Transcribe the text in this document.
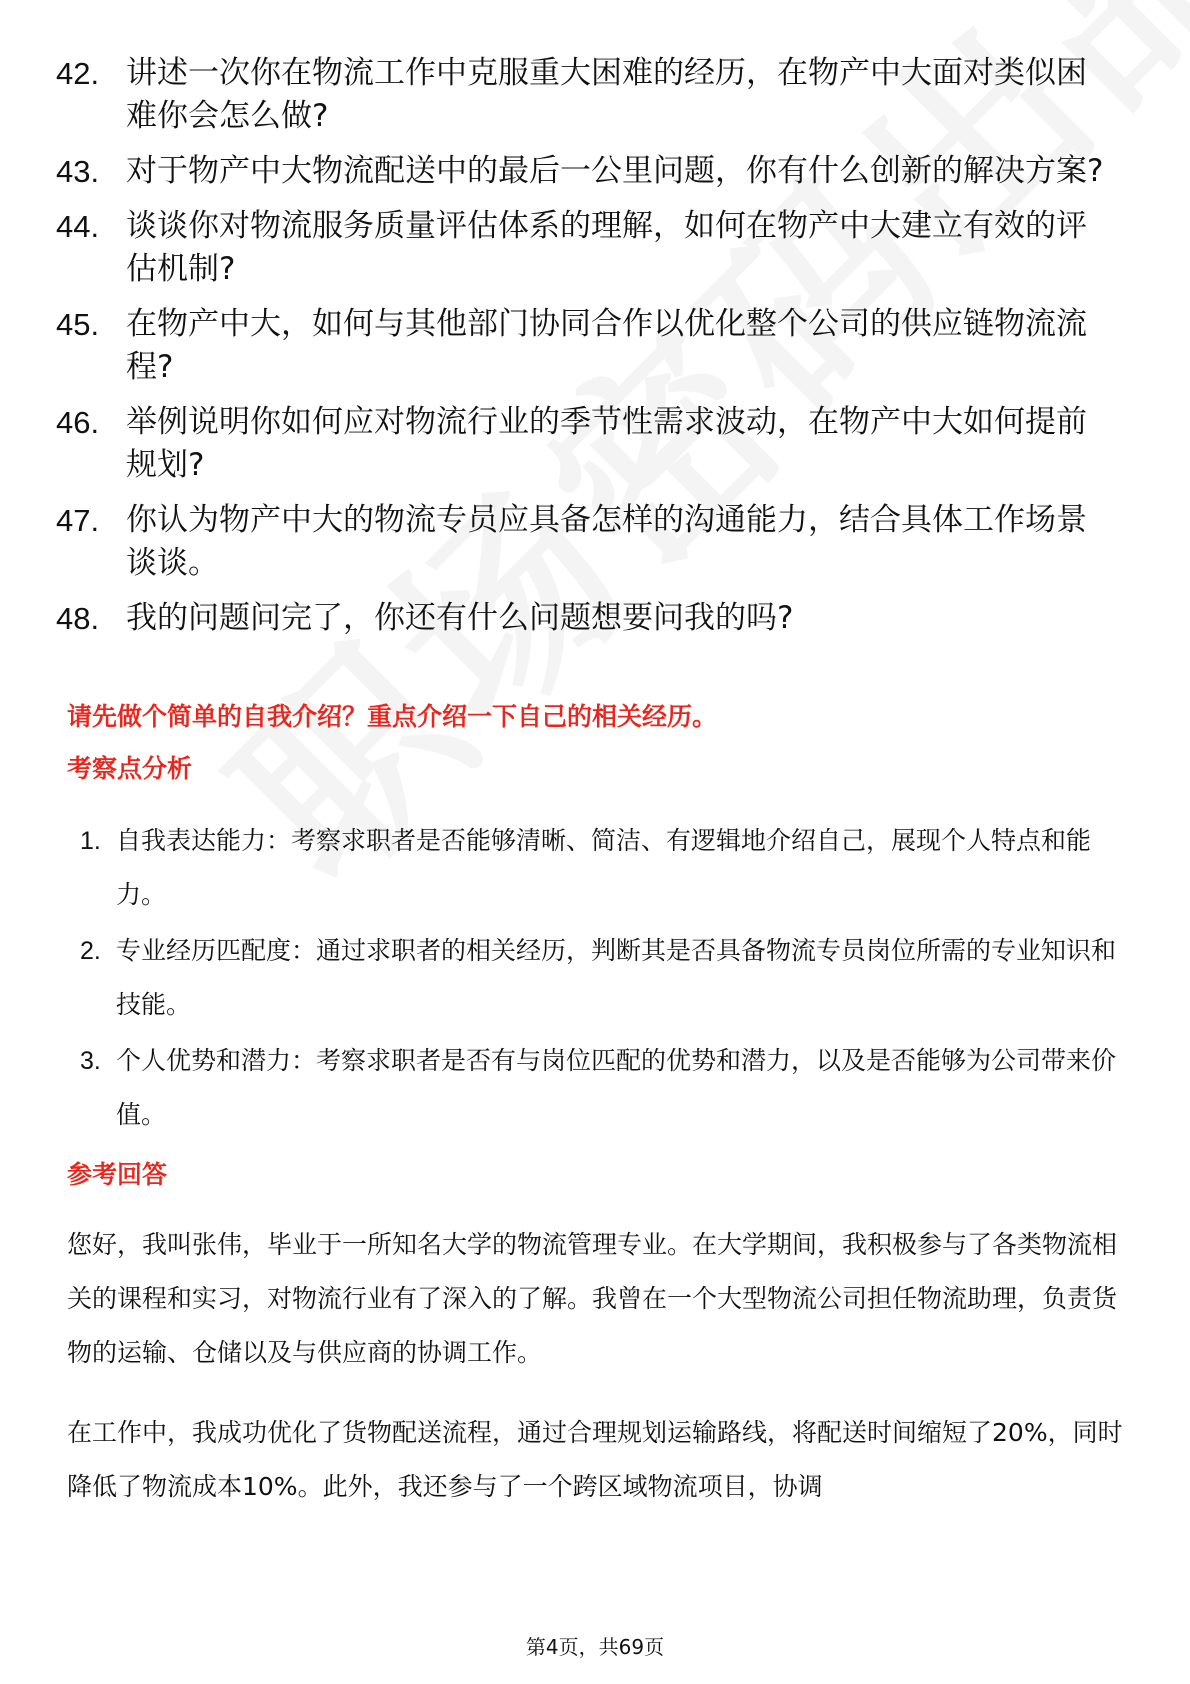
42. 讲述一次你在物流工作中克服重大困难的经历，在物产中大面对类似困难你会怎么做?
43. 对于物产中大物流配送中的最后一公里问题，你有什么创新的解决方案?
44. 谈谈你对物流服务质量评估体系的理解，如何在物产中大建立有效的评估机制?
45. 在物产中大，如何与其他部门协同合作以优化整个公司的供应链物流流程?
46. 举例说明你如何应对物流行业的季节性需求波动，在物产中大如何提前规划?
47. 你认为物产中大的物流专员应具备怎样的沟通能力，结合具体工作场景谈谈。
48. 我的问题问完了，你还有什么问题想要问我的吗?
请先做个简单的自我介绍？重点介绍一下自己的相关经历。
考察点分析
1. 自我表达能力：考察求职者是否能够清晰、简洁、有逻辑地介绍自己，展现个人特点和能力。
2. 专业经历匹配度：通过求职者的相关经历，判断其是否具备物流专员岗位所需的专业知识和技能。
3. 个人优势和潜力：考察求职者是否有与岗位匹配的优势和潜力，以及是否能够为公司带来价值。
参考回答
您好，我叫张伟，毕业于一所知名大学的物流管理专业。在大学期间，我积极参与了各类物流相关的课程和实习，对物流行业有了深入的了解。我曾在一个大型物流公司担任物流助理，负责货物的运输、仓储以及与供应商的协调工作。
在工作中，我成功优化了货物配送流程，通过合理规划运输路线，将配送时间缩短了20%，同时降低了物流成本10%。此外，我还参与了一个跨区域物流项目，协调
第4页，共69页
